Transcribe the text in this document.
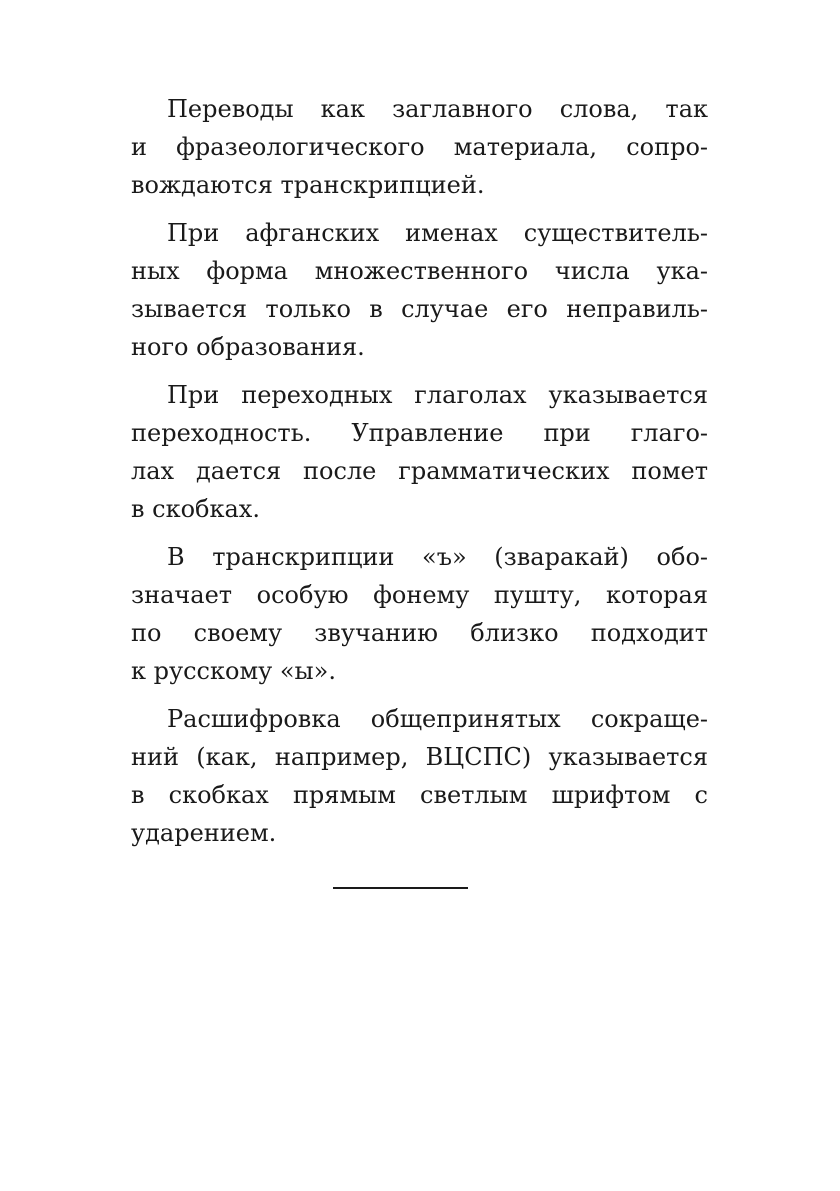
Переводы как заглавного слова, так
и фразеологического материала, сопро-
вождаются транскрипцией.

При афганских именах существитель-
ных форма множественного числа ука-
зывается только в случае его неправиль-
ного образования.

При переходных глаголах указывается
переходность. Управление при глаго-
лах дается после грамматических помет
в скобках.

В транскрипции «ъ» (зваракай) обо-
значает особую фонему пушту, которая
по своему звучанию близко подходит
к русскому «ы».

Расшифровка общепринятых сокраще-
ний (как, например, ВЦСПС) указывается
в скобках прямым светлым шрифтом с
ударением.
